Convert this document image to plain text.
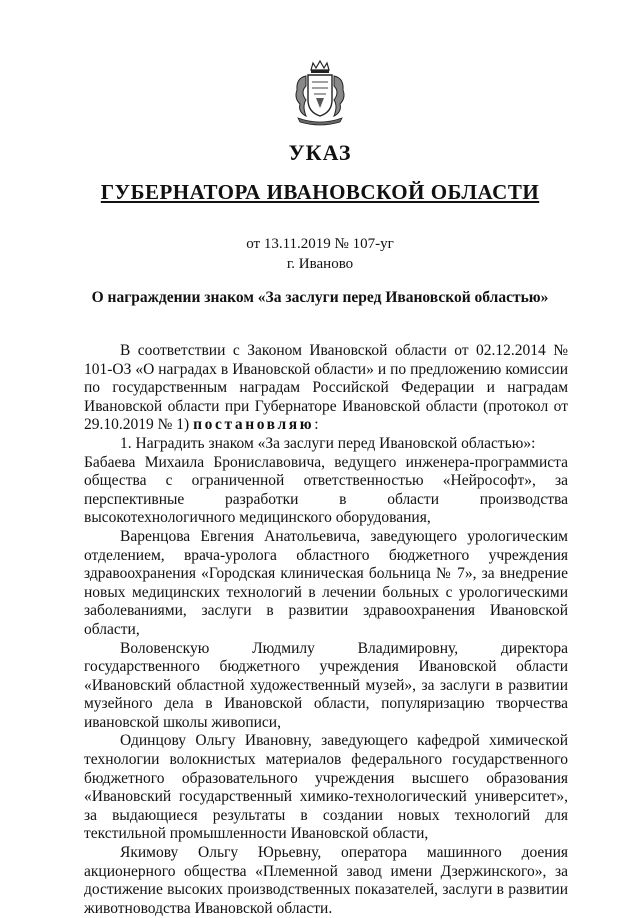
УКАЗ
ГУБЕРНАТОРА ИВАНОВСКОЙ ОБЛАСТИ
от 13.11.2019 № 107-уг
г. Иваново
О награждении знаком «За заслуги перед Ивановской областью»

В соответствии с Законом Ивановской области от 02.12.2014 № 101-ОЗ «О наградах в Ивановской области» и по предложению комиссии по государственным наградам Российской Федерации и наградам Ивановской области при Губернаторе Ивановской области (протокол от 29.10.2019 № 1) постановляю:

1. Наградить знаком «За заслуги перед Ивановской областью»:

Бабаева Михаила Брониславовича, ведущего инженера-программиста общества с ограниченной ответственностью «Нейрософт», за перспективные разработки в области производства высокотехнологичного медицинского оборудования,

Варенцова Евгения Анатольевича, заведующего урологическим отделением, врача-уролога областного бюджетного учреждения здравоохранения «Городская клиническая больница № 7», за внедрение новых медицинских технологий в лечении больных с урологическими заболеваниями, заслуги в развитии здравоохранения Ивановской области,

Воловенскую Людмилу Владимировну, директора государственного бюджетного учреждения Ивановской области «Ивановский областной художественный музей», за заслуги в развитии музейного дела в Ивановской области, популяризацию творчества ивановской школы живописи,

Одинцову Ольгу Ивановну, заведующего кафедрой химической технологии волокнистых материалов федерального государственного бюджетного образовательного учреждения высшего образования «Ивановский государственный химико-технологический университет», за выдающиеся результаты в создании новых технологий для текстильной промышленности Ивановской области,

Якимову Ольгу Юрьевну, оператора машинного доения акционерного общества «Племенной завод имени Дзержинского», за достижение высоких производственных показателей, заслуги в развитии животноводства Ивановской области.
